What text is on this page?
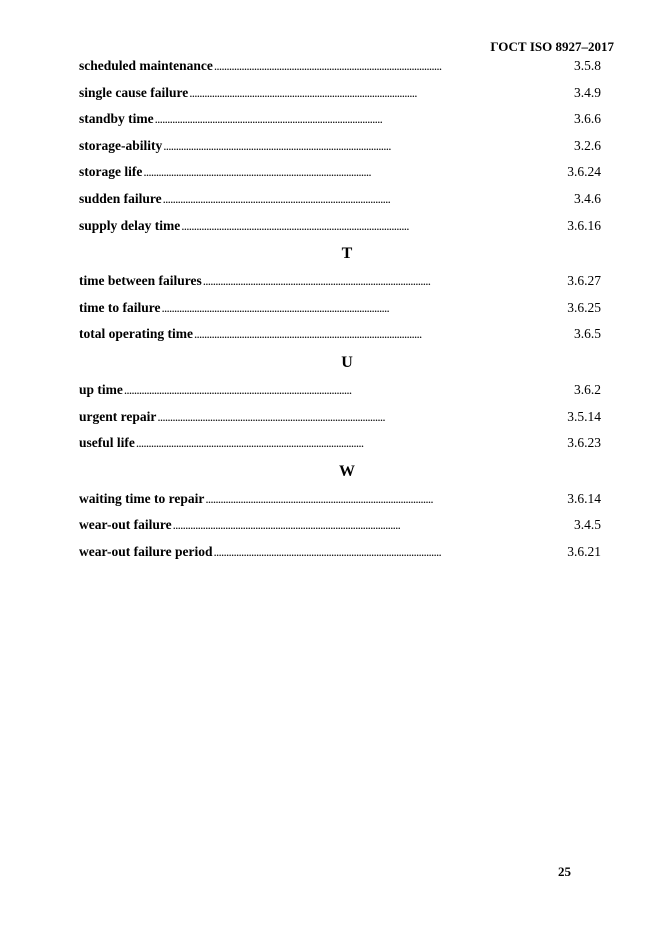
ГОСТ ISO 8927–2017
scheduled maintenance . . .	3.5.8
single cause failure . . .	3.4.9
standby time . . .	3.6.6
storage-ability . . .	3.2.6
storage life . . .	3.6.24
sudden failure . . .	3.4.6
supply delay time . . .	3.6.16
T
time between failures . . .	3.6.27
time to failure . . .	3.6.25
total operating time . . .	3.6.5
U
up time . . .	3.6.2
urgent repair . . .	3.5.14
useful life . . .	3.6.23
W
waiting time to repair . . .	3.6.14
wear-out failure . . .	3.4.5
wear-out failure period . . .	3.6.21
25
